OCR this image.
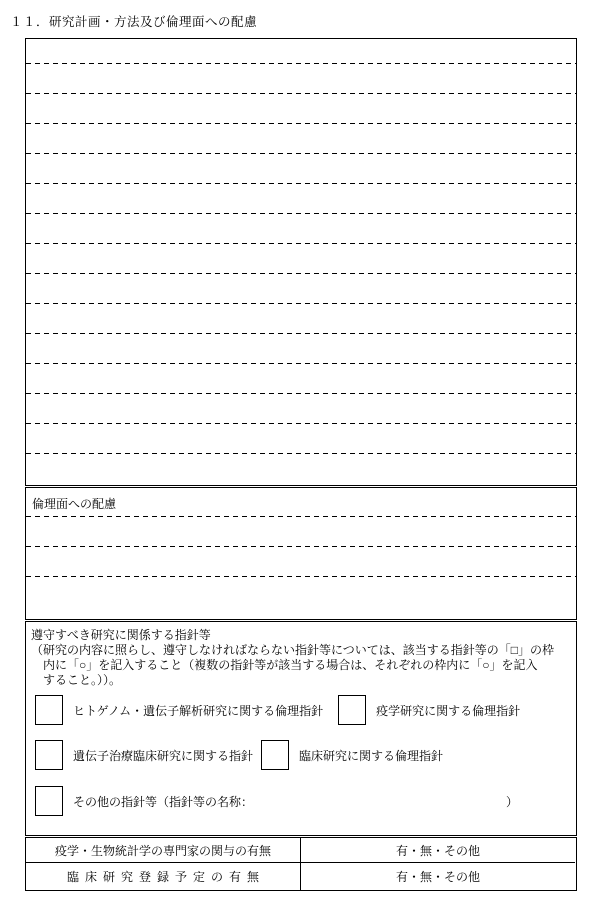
１１．研究計画・方法及び倫理面への配慮
倫理面への配慮
遵守すべき研究に関係する指針等
（研究の内容に照らし、遵守しなければならない指針等については、該当する指針等の「□」の枠
　内に「○」を記入すること（複数の指針等が該当する場合は、それぞれの枠内に「○」を記入
　すること。））。
ヒトゲノム・遺伝子解析研究に関する倫理指針	疫学研究に関する倫理指針
遺伝子治療臨床研究に関する指針	臨床研究に関する倫理指針
その他の指針等（指針等の名称：	）
疫学・生物統計学の専門家の関与の有無	有・無・その他
臨床研究登録予定の有無	有・無・その他
